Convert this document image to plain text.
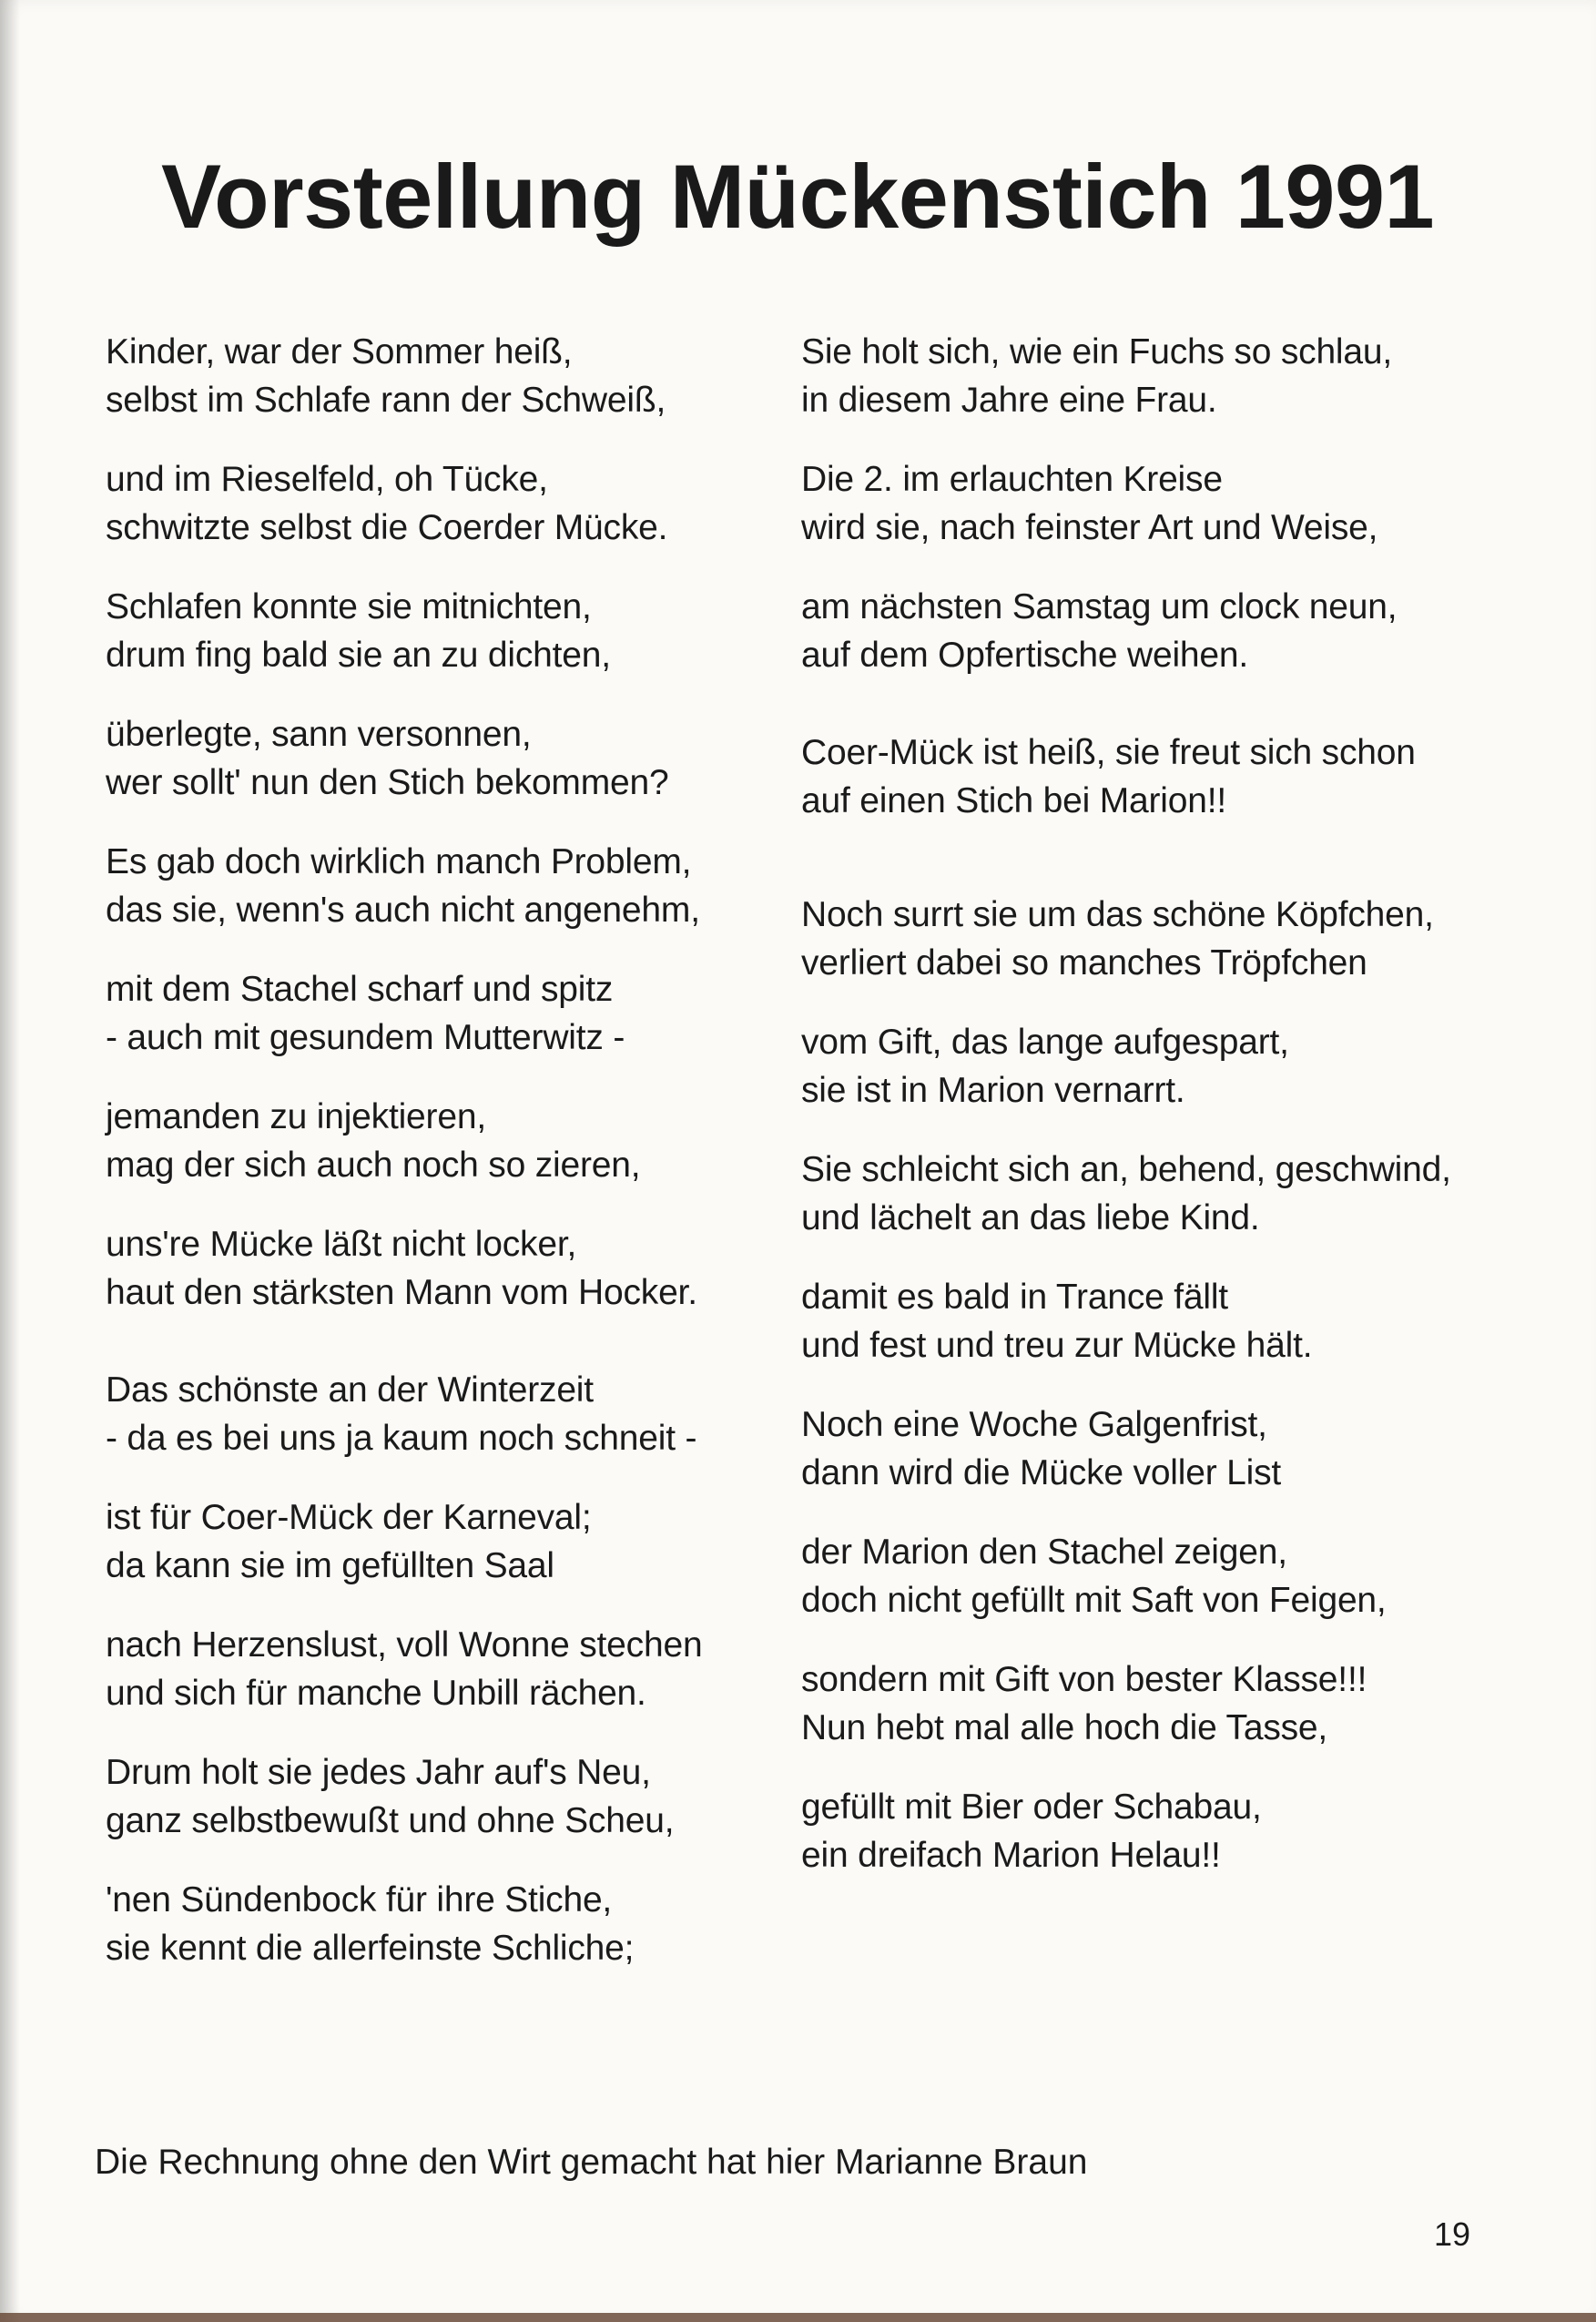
Vorstellung Mückenstich 1991

Kinder, war der Sommer heiß,
selbst im Schlafe rann der Schweiß,

und im Rieselfeld, oh Tücke,
schwitzte selbst die Coerder Mücke.

Schlafen konnte sie mitnichten,
drum fing bald sie an zu dichten,

überlegte, sann versonnen,
wer sollt' nun den Stich bekommen?

Es gab doch wirklich manch Problem,
das sie, wenn's auch nicht angenehm,

mit dem Stachel scharf und spitz
- auch mit gesundem Mutterwitz -

jemanden zu injektieren,
mag der sich auch noch so zieren,

uns're Mücke läßt nicht locker,
haut den stärksten Mann vom Hocker.

Das schönste an der Winterzeit
- da es bei uns ja kaum noch schneit -

ist für Coer-Mück der Karneval;
da kann sie im gefüllten Saal

nach Herzenslust, voll Wonne stechen
und sich für manche Unbill rächen.

Drum holt sie jedes Jahr auf's Neu,
ganz selbstbewußt und ohne Scheu,

'nen Sündenbock für ihre Stiche,
sie kennt die allerfeinste Schliche;

Sie holt sich, wie ein Fuchs so schlau,
in diesem Jahre eine Frau.

Die 2. im erlauchten Kreise
wird sie, nach feinster Art und Weise,

am nächsten Samstag um clock neun,
auf dem Opfertische weihen.

Coer-Mück ist heiß, sie freut sich schon
auf einen Stich bei Marion!!

Noch surrt sie um das schöne Köpfchen,
verliert dabei so manches Tröpfchen

vom Gift, das lange aufgespart,
sie ist in Marion vernarrt.

Sie schleicht sich an, behend, geschwind,
und lächelt an das liebe Kind.

damit es bald in Trance fällt
und fest und treu zur Mücke hält.

Noch eine Woche Galgenfrist,
dann wird die Mücke voller List

der Marion den Stachel zeigen,
doch nicht gefüllt mit Saft von Feigen,

sondern mit Gift von bester Klasse!!!
Nun hebt mal alle hoch die Tasse,

gefüllt mit Bier oder Schabau,
ein dreifach Marion Helau!!

Die Rechnung ohne den Wirt gemacht hat hier Marianne Braun

19
